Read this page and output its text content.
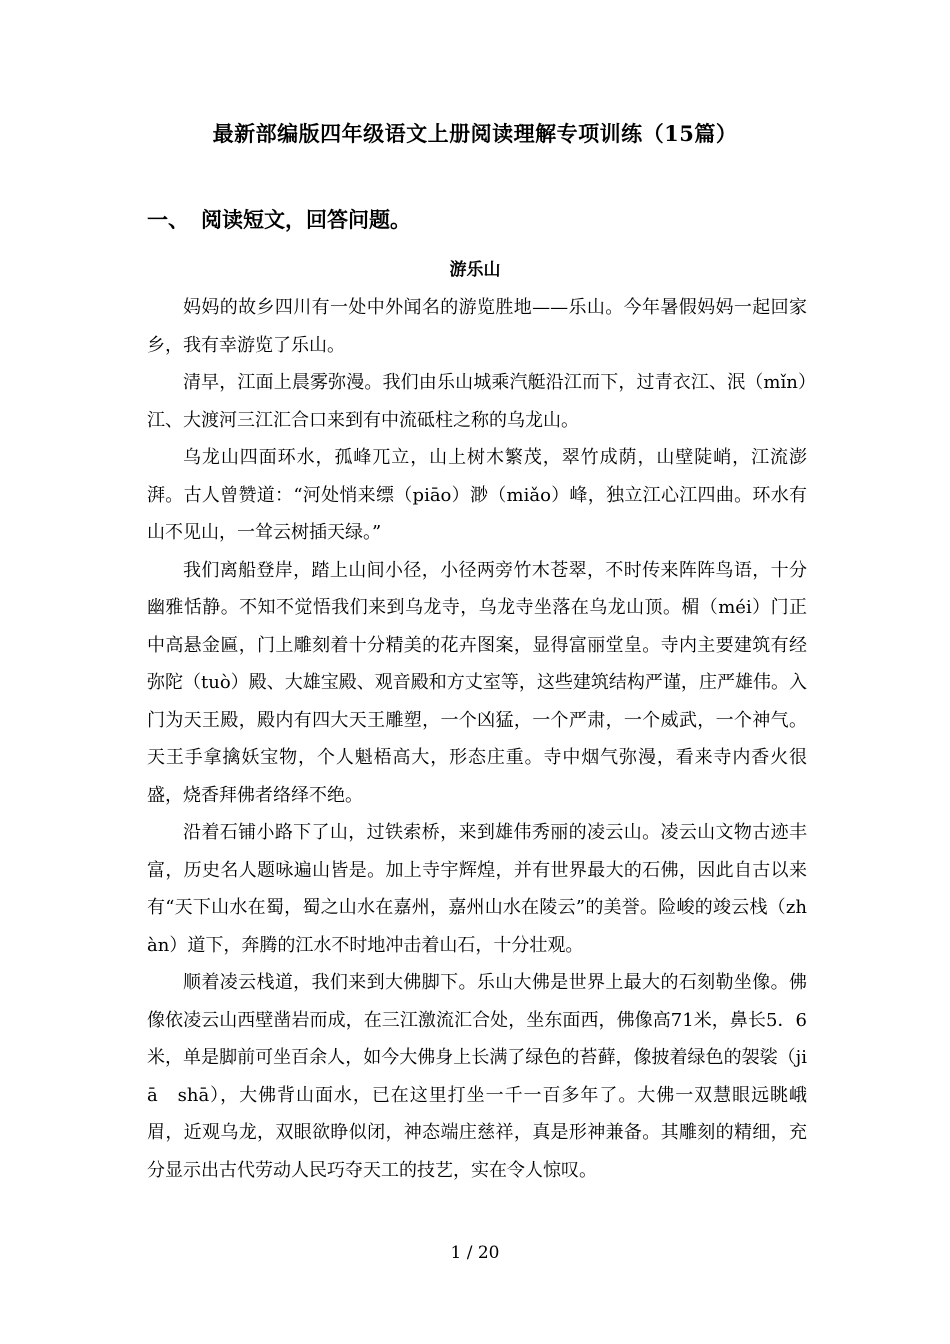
最新部编版四年级语文上册阅读理解专项训练（15篇）
一、 阅读短文，回答问题。
游乐山

妈妈的故乡四川有一处中外闻名的游览胜地——乐山。今年暑假妈妈一起回家乡，我有幸游览了乐山。

清早，江面上晨雾弥漫。我们由乐山城乘汽艇沿江而下，过青衣江、泯（mǐn）江、大渡河三江汇合口来到有中流砥柱之称的乌龙山。

乌龙山四面环水，孤峰兀立，山上树木繁茂，翠竹成荫，山壁陡峭，江流澎湃。古人曾赞道：“河处悄来缥（piāo）渺（miǎo）峰，独立江心江四曲。环水有山不见山，一耸云树插天绿。”

我们离船登岸，踏上山间小径，小径两旁竹木苍翠，不时传来阵阵鸟语，十分幽雅恬静。不知不觉悟我们来到乌龙寺，乌龙寺坐落在乌龙山顶。楣（méi）门正中高悬金匾，门上雕刻着十分精美的花卉图案，显得富丽堂皇。寺内主要建筑有经弥陀（tuò）殿、大雄宝殿、观音殿和方丈室等，这些建筑结构严谨，庄严雄伟。入门为天王殿，殿内有四大天王雕塑，一个凶猛，一个严肃，一个威武，一个神气。天王手拿擒妖宝物，个人魁梧高大，形态庄重。寺中烟气弥漫，看来寺内香火很盛，烧香拜佛者络绎不绝。

沿着石铺小路下了山，过铁索桥，来到雄伟秀丽的凌云山。凌云山文物古迹丰富，历史名人题咏遍山皆是。加上寺宇辉煌，并有世界最大的石佛，因此自古以来有“天下山水在蜀，蜀之山水在嘉州，嘉州山水在陵云”的美誉。险峻的竣云栈（zhàn）道下，奔腾的江水不时地冲击着山石，十分壮观。

顺着凌云栈道，我们来到大佛脚下。乐山大佛是世界上最大的石刻勒坐像。佛像依凌云山西壁凿岩而成，在三江激流汇合处，坐东面西，佛像高71米，鼻长5．6米，单是脚前可坐百余人，如今大佛身上长满了绿色的苔藓，像披着绿色的袈裟（jiā　shā），大佛背山面水，已在这里打坐一千一百多年了。大佛一双慧眼远眺峨眉，近观乌龙，双眼欲睁似闭，神态端庄慈祥，真是形神兼备。其雕刻的精细，充分显示出古代劳动人民巧夺天工的技艺，实在令人惊叹。

1 / 20
